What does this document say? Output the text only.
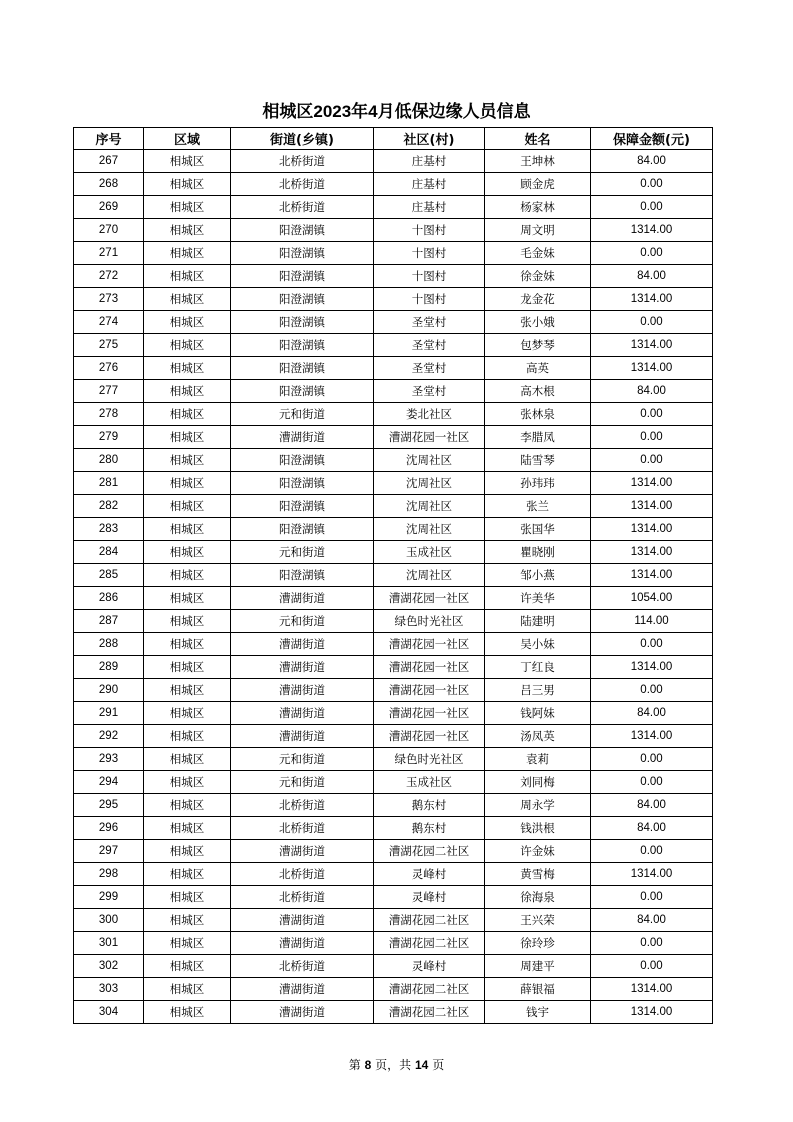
相城区2023年4月低保边缘人员信息
序号	区域	街道(乡镇)	社区(村)	姓名	保障金额(元)
267	相城区	北桥街道	庄基村	王坤林	84.00
268	相城区	北桥街道	庄基村	顾金虎	0.00
269	相城区	北桥街道	庄基村	杨家林	0.00
270	相城区	阳澄湖镇	十图村	周文明	1314.00
271	相城区	阳澄湖镇	十图村	毛金妹	0.00
272	相城区	阳澄湖镇	十图村	徐金妹	84.00
273	相城区	阳澄湖镇	十图村	龙金花	1314.00
274	相城区	阳澄湖镇	圣堂村	张小娥	0.00
275	相城区	阳澄湖镇	圣堂村	包梦琴	1314.00
276	相城区	阳澄湖镇	圣堂村	高英	1314.00
277	相城区	阳澄湖镇	圣堂村	高木根	84.00
278	相城区	元和街道	娄北社区	张林泉	0.00
279	相城区	漕湖街道	漕湖花园一社区	李腊凤	0.00
280	相城区	阳澄湖镇	沈周社区	陆雪琴	0.00
281	相城区	阳澄湖镇	沈周社区	孙玮玮	1314.00
282	相城区	阳澄湖镇	沈周社区	张兰	1314.00
283	相城区	阳澄湖镇	沈周社区	张国华	1314.00
284	相城区	元和街道	玉成社区	瞿晓刚	1314.00
285	相城区	阳澄湖镇	沈周社区	邹小燕	1314.00
286	相城区	漕湖街道	漕湖花园一社区	许美华	1054.00
287	相城区	元和街道	绿色时光社区	陆建明	114.00
288	相城区	漕湖街道	漕湖花园一社区	吴小妹	0.00
289	相城区	漕湖街道	漕湖花园一社区	丁红良	1314.00
290	相城区	漕湖街道	漕湖花园一社区	吕三男	0.00
291	相城区	漕湖街道	漕湖花园一社区	钱阿妹	84.00
292	相城区	漕湖街道	漕湖花园一社区	汤凤英	1314.00
293	相城区	元和街道	绿色时光社区	袁莉	0.00
294	相城区	元和街道	玉成社区	刘同梅	0.00
295	相城区	北桥街道	鹅东村	周永学	84.00
296	相城区	北桥街道	鹅东村	钱洪根	84.00
297	相城区	漕湖街道	漕湖花园二社区	许金妹	0.00
298	相城区	北桥街道	灵峰村	黄雪梅	1314.00
299	相城区	北桥街道	灵峰村	徐海泉	0.00
300	相城区	漕湖街道	漕湖花园二社区	王兴荣	84.00
301	相城区	漕湖街道	漕湖花园二社区	徐玲珍	0.00
302	相城区	北桥街道	灵峰村	周建平	0.00
303	相城区	漕湖街道	漕湖花园二社区	薛银福	1314.00
304	相城区	漕湖街道	漕湖花园二社区	钱宇	1314.00
第 8 页，共 14 页
